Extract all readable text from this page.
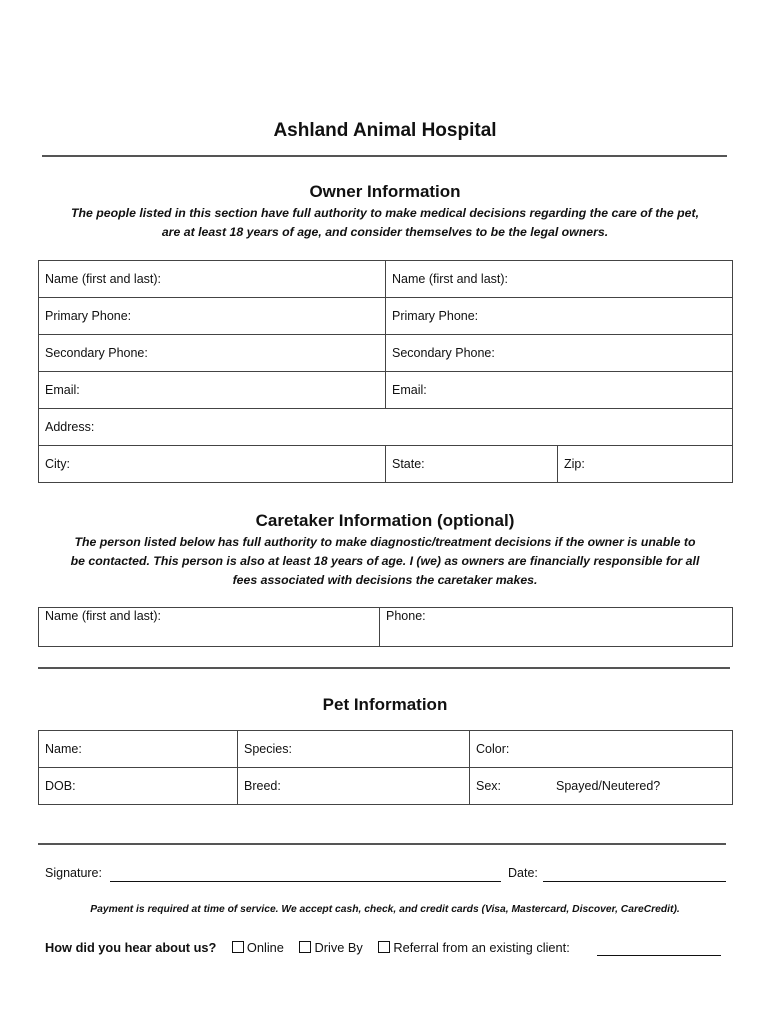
Ashland Animal Hospital
Owner Information
The people listed in this section have full authority to make medical decisions regarding the care of the pet,
are at least 18 years of age, and consider themselves to be the legal owners.
Name (first and last):	Name (first and last):	
Primary Phone:	Primary Phone:	
Secondary Phone:	Secondary Phone:	
Email:	Email:	
Address:		
City:	State:	Zip:
Caretaker Information (optional)
The person listed below has full authority to make diagnostic/treatment decisions if the owner is unable to
be contacted. This person is also at least 18 years of age. I (we) as owners are financially responsible for all
fees associated with decisions the caretaker makes.
Name (first and last):	Phone:
Pet Information
Name:	Species:	Color:
DOB:	Breed:	Sex: Spayed/Neutered?
Signature:	Date:
Payment is required at time of service. We accept cash, check, and credit cards (Visa, Mastercard, Discover, CareCredit).
How did you hear about us? Online Drive By Referral from an existing client:
